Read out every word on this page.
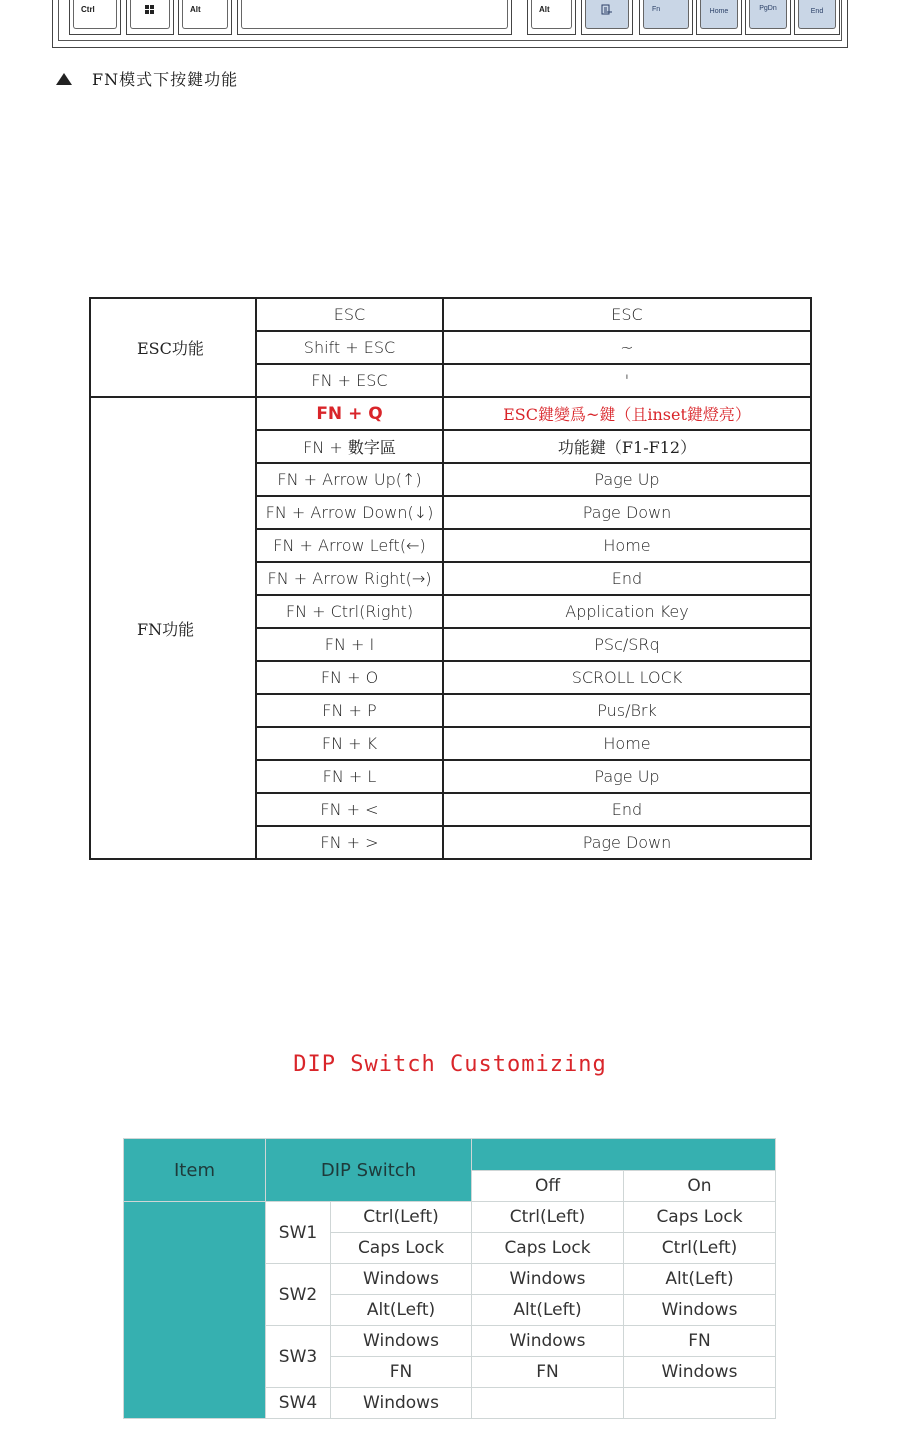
Ctrl	Alt	Alt	Fn	Home	PgDn	End
FN模式下按鍵功能
ESC功能	ESC	ESC
	Shift + ESC	~
	FN + ESC	'
FN功能	FN + Q	ESC鍵變爲~鍵（且inset鍵燈亮）
	FN + 數字區	功能鍵（F1-F12）
	FN + Arrow Up(↑)	Page Up
	FN + Arrow Down(↓)	Page Down
	FN + Arrow Left(←)	Home
	FN + Arrow Right(→)	End
	FN + Ctrl(Right)	Application Key
	FN + I	PSc/SRq
	FN + O	SCROLL LOCK
	FN + P	Pus/Brk
	FN + K	Home
	FN + L	Page Up
	FN + <	End
	FN + >	Page Down
DIP Switch Customizing
Item	DIP Switch			
			Off	On
	SW1	Ctrl(Left)	Ctrl(Left)	Caps Lock
		Caps Lock	Caps Lock	Ctrl(Left)
	SW2	Windows	Windows	Alt(Left)
		Alt(Left)	Alt(Left)	Windows
	SW3	Windows	Windows	FN
		FN	FN	Windows
	SW4	Windows		
